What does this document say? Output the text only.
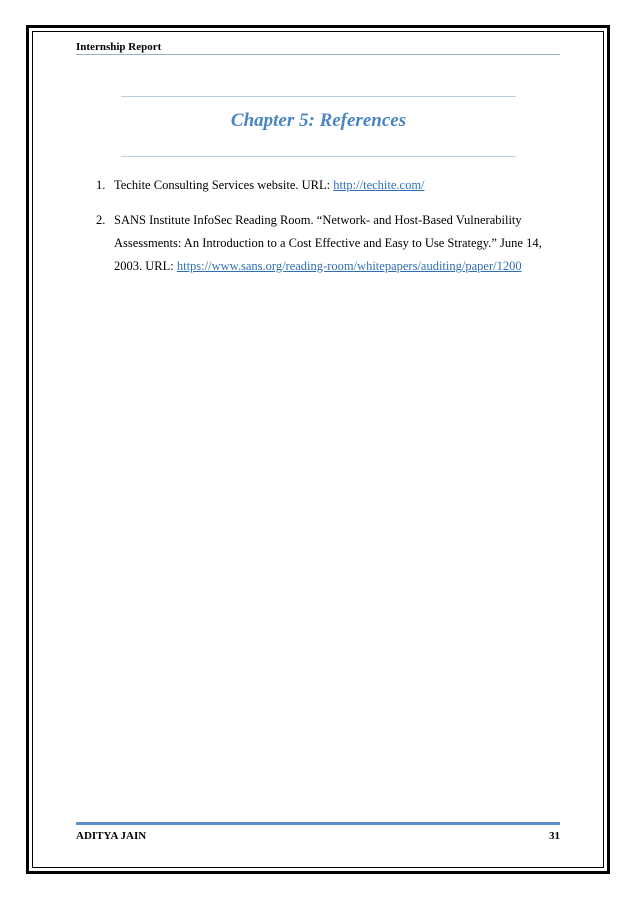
Internship Report
Chapter 5: References
1. Techite Consulting Services website. URL: http://techite.com/
2. SANS Institute InfoSec Reading Room. “Network- and Host-Based Vulnerability Assessments: An Introduction to a Cost Effective and Easy to Use Strategy.” June 14, 2003. URL: https://www.sans.org/reading-room/whitepapers/auditing/paper/1200
ADITYA JAIN	31
